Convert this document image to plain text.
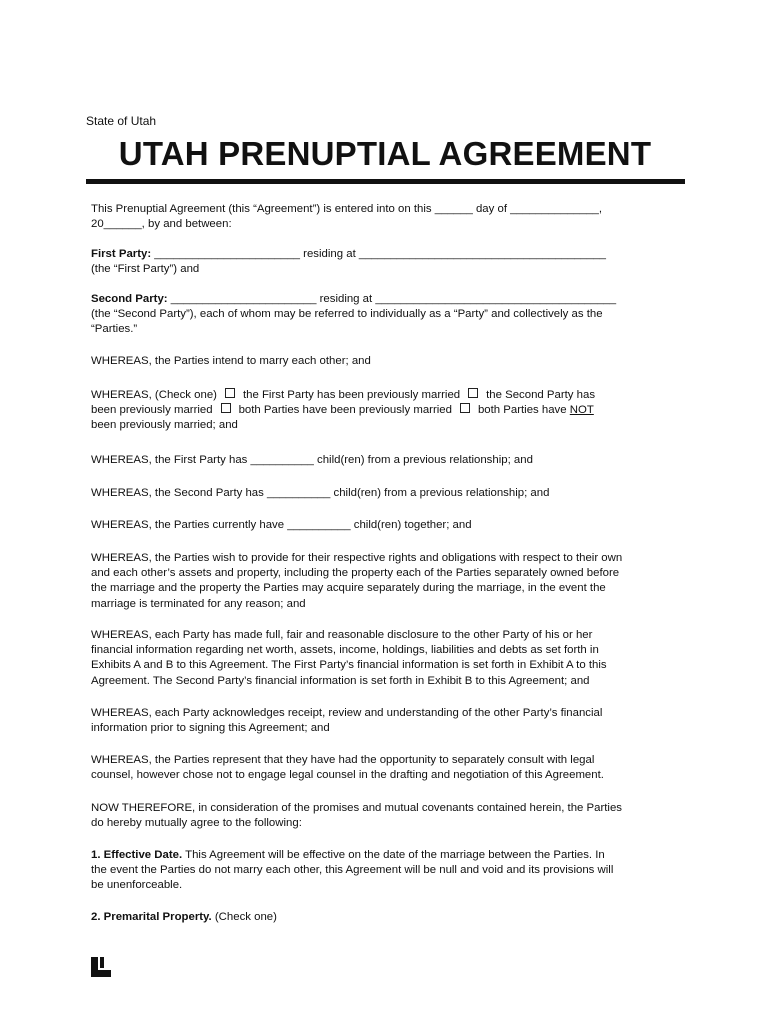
State of Utah
UTAH PRENUPTIAL AGREEMENT

This Prenuptial Agreement (this “Agreement”) is entered into on this ______ day of ______________,

20______, by and between:

First Party: _______________________ residing at _______________________________________

(the “First Party”) and

Second Party: _______________________ residing at ______________________________________

(the “Second Party”), each of whom may be referred to individually as a “Party” and collectively as the

“Parties.”

WHEREAS, the Parties intend to marry each other; and

WHEREAS, (Check one) the First Party has been previously married the Second Party has

been previously married both Parties have been previously married both Parties have NOT

been previously married; and

WHEREAS, the First Party has __________ child(ren) from a previous relationship; and

WHEREAS, the Second Party has __________ child(ren) from a previous relationship; and

WHEREAS, the Parties currently have __________ child(ren) together; and

WHEREAS, the Parties wish to provide for their respective rights and obligations with respect to their own

and each other’s assets and property, including the property each of the Parties separately owned before

the marriage and the property the Parties may acquire separately during the marriage, in the event the

marriage is terminated for any reason; and

WHEREAS, each Party has made full, fair and reasonable disclosure to the other Party of his or her

financial information regarding net worth, assets, income, holdings, liabilities and debts as set forth in

Exhibits A and B to this Agreement. The First Party’s financial information is set forth in Exhibit A to this

Agreement. The Second Party’s financial information is set forth in Exhibit B to this Agreement; and

WHEREAS, each Party acknowledges receipt, review and understanding of the other Party’s financial

information prior to signing this Agreement; and

WHEREAS, the Parties represent that they have had the opportunity to separately consult with legal

counsel, however chose not to engage legal counsel in the drafting and negotiation of this Agreement.

NOW THEREFORE, in consideration of the promises and mutual covenants contained herein, the Parties

do hereby mutually agree to the following:

1. Effective Date. This Agreement will be effective on the date of the marriage between the Parties. In

the event the Parties do not marry each other, this Agreement will be null and void and its provisions will

be unenforceable.

2. Premarital Property. (Check one)
